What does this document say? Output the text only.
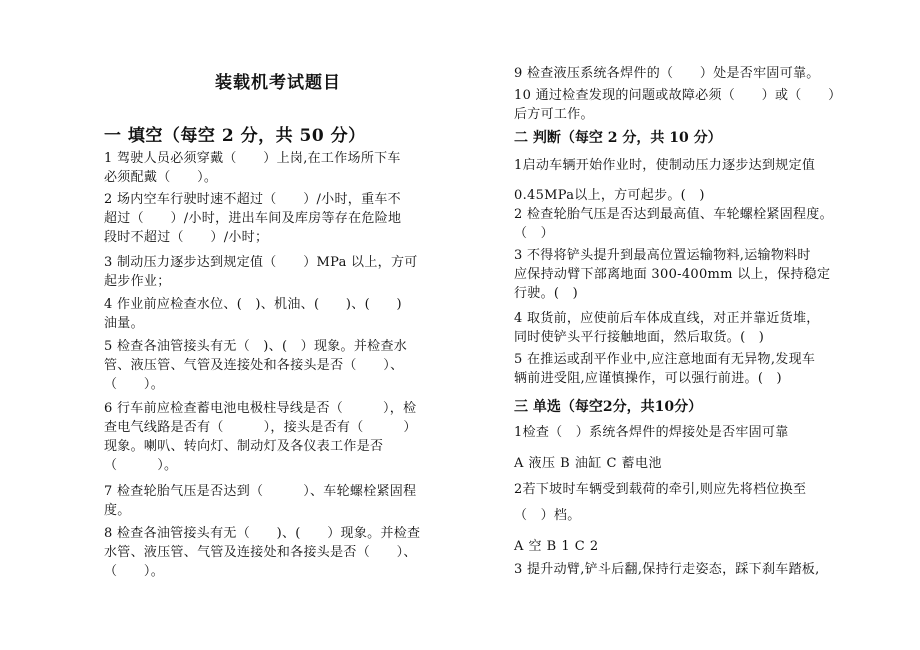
装载机考试题目
一 填空（每空 2 分，共 50 分）
1 驾驶人员必须穿戴（　　）上岗,在工作场所下车
必须配戴（　　）。
2 场内空车行驶时速不超过（　　）/小时，重车不
超过（　　）/小时，进出车间及库房等存在危险地
段时不超过（　　）/小时；
3 制动压力逐步达到规定值（　　）MPa 以上，方可
起步作业；
4 作业前应检查水位、(　)、机油、(　　)、(　　)
油量。
5 检查各油管接头有无（　)、(　）现象。并检查水
管、液压管、气管及连接处和各接头是否（　　）、
（　　）。
6 行车前应检查蓄电池电极柱导线是否（　　　），检
查电气线路是否有（　　　），接头是否有（　　　）
现象。喇叭、转向灯、制动灯及各仪表工作是否
（　　　）。
7 检查轮胎气压是否达到（　　　）、车轮螺栓紧固程
度。
8 检查各油管接头有无（　　)、(　　）现象。并检查
水管、液压管、气管及连接处和各接头是否（　　）、
（　　）。
9 检查液压系统各焊件的（　　）处是否牢固可靠。
10 通过检查发现的问题或故障必须（　　）或（　　）
后方可工作。
二 判断（每空 2 分，共 10 分）
1启动车辆开始作业时，使制动压力逐步达到规定值
0.45MPa以上，方可起步。(　)
2 检查轮胎气压是否达到最高值、车轮螺栓紧固程度。
（　）
3 不得将铲头提升到最高位置运输物料,运输物料时
应保持动臂下部离地面 300-400mm 以上，保持稳定
行驶。(　)
4 取货前，应使前后车体成直线，对正并靠近货堆，
同时使铲头平行接触地面，然后取货。(　)
5 在推运或刮平作业中,应注意地面有无异物,发现车
辆前进受阻,应谨慎操作，可以强行前进。(　)
三 单选（每空2分，共10分）
1检查（　）系统各焊件的焊接处是否牢固可靠
A 液压 B 油缸 C 蓄电池
2若下坡时车辆受到载荷的牵引,则应先将档位换至
（　）档。
A 空 B 1 C 2
3 提升动臂,铲斗后翻,保持行走姿态，踩下刹车踏板,
